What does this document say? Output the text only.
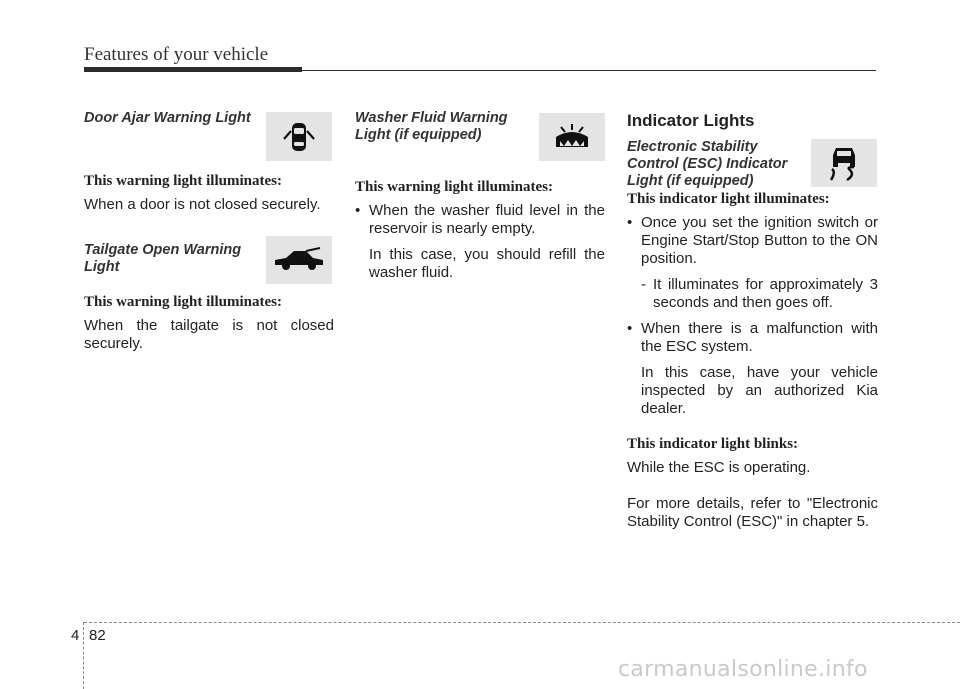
Features of your vehicle

Door Ajar Warning Light

This warning light illuminates:
When a door is not closed securely.

Tailgate Open Warning
Light

This warning light illuminates:
When the tailgate is not closed securely.

Washer Fluid Warning
Light (if equipped)

This warning light illuminates:
• When the washer fluid level in the reservoir is nearly empty.
In this case, you should refill the washer fluid.
Indicator Lights

Electronic Stability
Control (ESC) Indicator
Light (if equipped)

This indicator light illuminates:
• Once you set the ignition switch or Engine Start/Stop Button to the ON position.
- It illuminates for approximately 3 seconds and then goes off.
• When there is a malfunction with the ESC system.
In this case, have your vehicle inspected by an authorized Kia dealer.
This indicator light blinks:
While the ESC is operating.
For more details, refer to "Electronic Stability Control (ESC)" in chapter 5.
4 82
carmanualsonline.info
